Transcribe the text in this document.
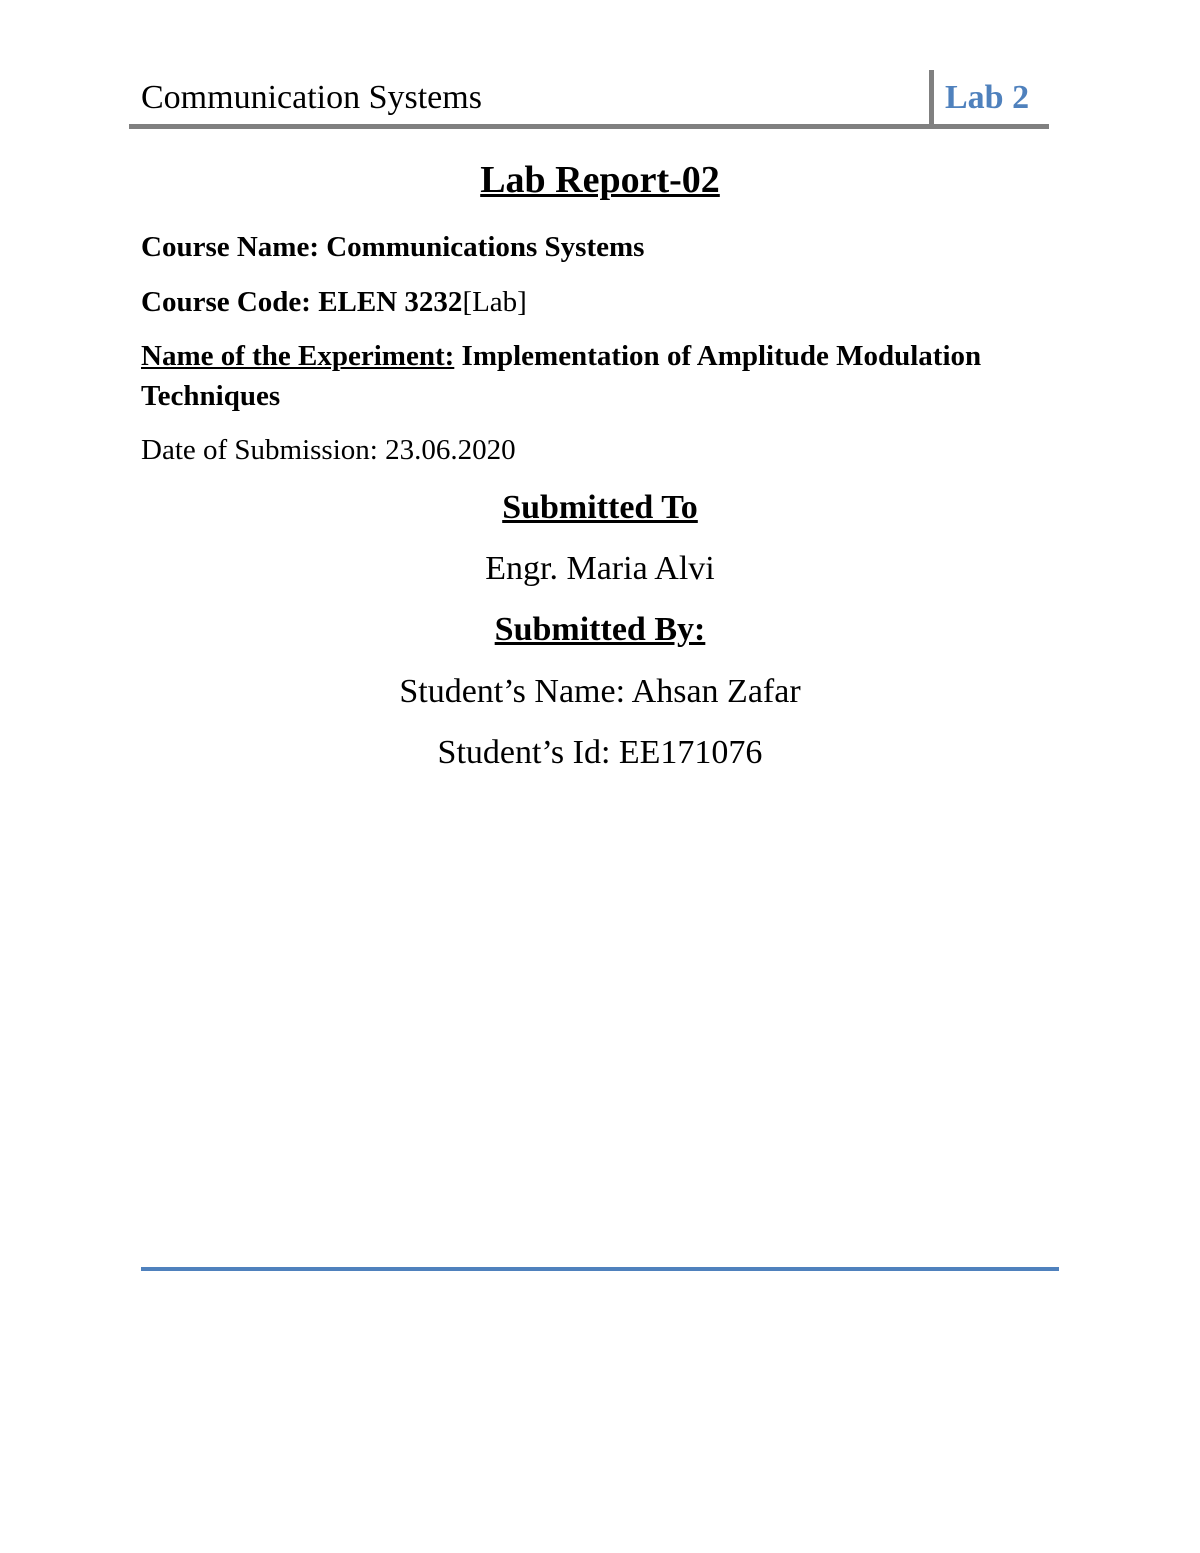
Communication Systems	Lab 2
Lab Report-02
Course Name: Communications Systems
Course Code: ELEN 3232[Lab]
Name of the Experiment: Implementation of Amplitude Modulation
Techniques
Date of Submission: 23.06.2020
Submitted To
Engr. Maria Alvi
Submitted By:
Student’s Name: Ahsan Zafar
Student’s Id: EE171076
